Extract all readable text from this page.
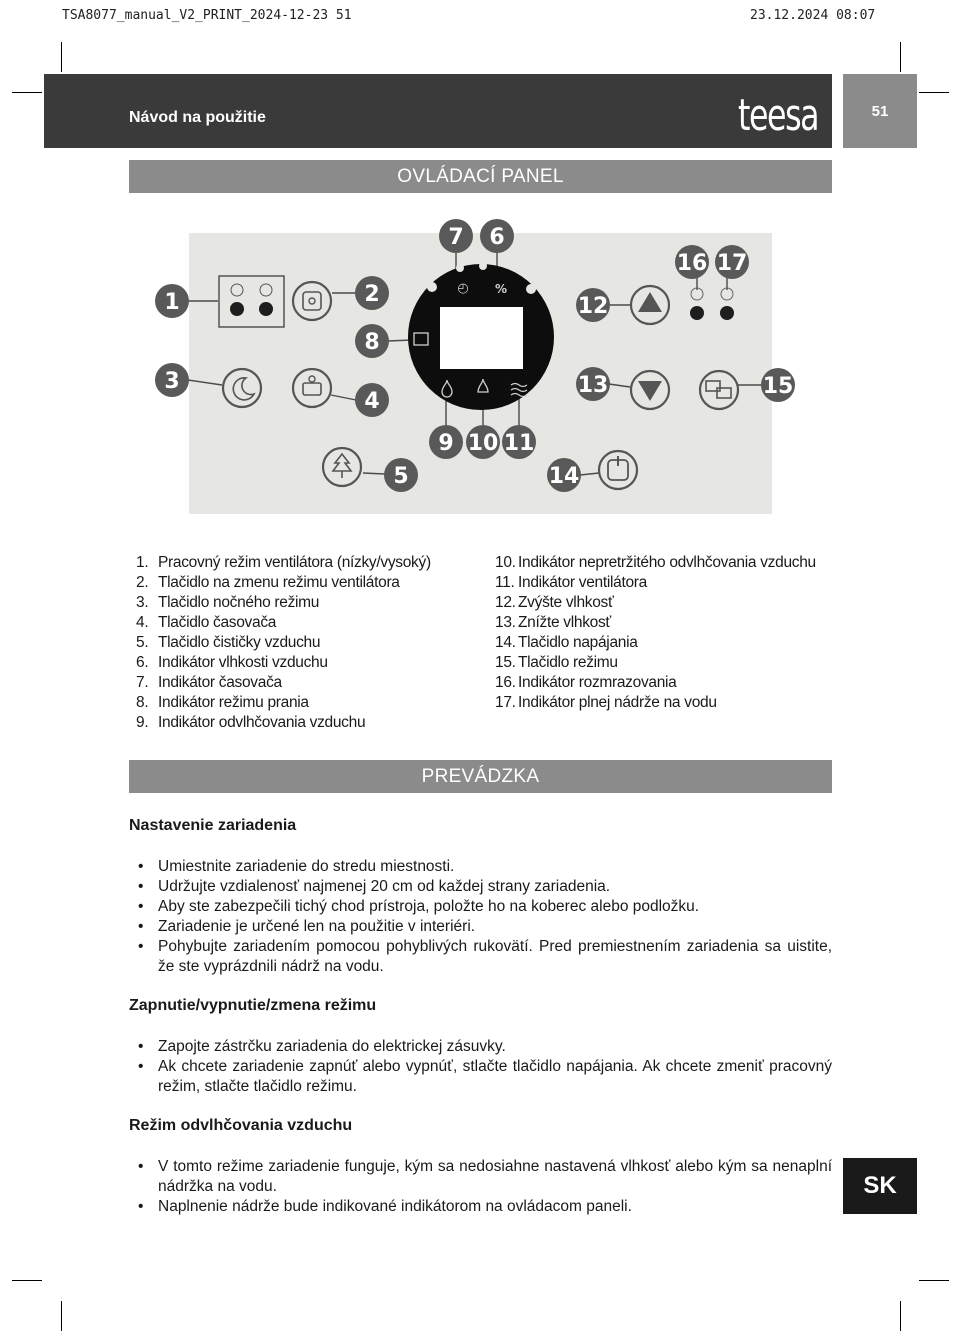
TSA8077_manual_V2_PRINT_2024-12-23 51	23.12.2024 08:07
Návod na použitie	teesa	51
OVLÁDACÍ PANEL
◴ %
1	2
3
4
5
6
7
8
9 10 11
12
13
14
15
16 17
1. Pracovný režim ventilátora (nízky/vysoký)
2. Tlačidlo na zmenu režimu ventilátora
3. Tlačidlo nočného režimu
4. Tlačidlo časovača
5. Tlačidlo čističky vzduchu
6. Indikátor vlhkosti vzduchu
7. Indikátor časovača
8. Indikátor režimu prania
9. Indikátor odvlhčovania vzduchu
10. Indikátor nepretržitého odvlhčovania vzduchu
11. Indikátor ventilátora
12. Zvýšte vlhkosť
13. Znížte vlhkosť
14. Tlačidlo napájania
15. Tlačidlo režimu
16. Indikátor rozmrazovania
17. Indikátor plnej nádrže na vodu
PREVÁDZKA
Nastavenie zariadenia
• Umiestnite zariadenie do stredu miestnosti.
• Udržujte vzdialenosť najmenej 20 cm od každej strany zariadenia.
• Aby ste zabezpečili tichý chod prístroja, položte ho na koberec alebo podložku.
• Zariadenie je určené len na použitie v interiéri.
• Pohybujte zariadením pomocou pohyblivých rukovätí. Pred premiestnením zariadenia sa uistite, že ste vyprázdnili nádrž na vodu.
Zapnutie/vypnutie/zmena režimu
• Zapojte zástrčku zariadenia do elektrickej zásuvky.
• Ak chcete zariadenie zapnúť alebo vypnúť, stlačte tlačidlo napájania. Ak chcete zmeniť pracovný režim, stlačte tlačidlo režimu.
Režim odvlhčovania vzduchu
• V tomto režime zariadenie funguje, kým sa nedosiahne nastavená vlhkosť alebo kým sa nenaplní nádržka na vodu.
• Naplnenie nádrže bude indikované indikátorom na ovládacom paneli.
SK
